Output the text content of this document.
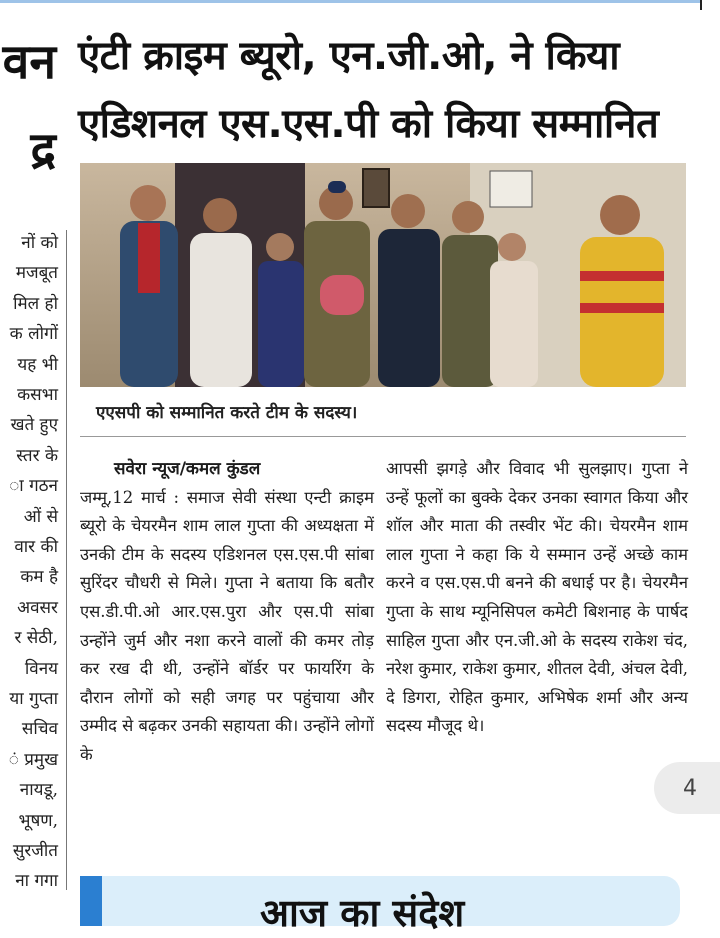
वन
द्र
नों को
मजबूत
मिल हो
क लोगों
यह भी
कसभा
खते हुए
स्तर के
ा गठन
ओं से
वार की
कम है
अवसर
र सेठी,
विनय
या गुप्ता
सचिव
ं प्रमुख
नायडू,
भूषण,
सुरजीत
ना गगा
एंटी क्राइम ब्यूरो, एन.जी.ओ, ने किया
एडिशनल एस.एस.पी को किया सम्मानित
एएसपी को सम्मानित करते टीम के सदस्य।
सवेरा न्यूज/कमल कुंडल

जम्मू,12 मार्च : समाज सेवी संस्था एन्टी क्राइम ब्यूरो के चेयरमैन शाम लाल गुप्ता की अध्यक्षता में उनकी टीम के सदस्य एडिशनल एस.एस.पी सांबा सुरिंदर चौधरी से मिले। गुप्ता ने बताया कि बतौर एस.डी.पी.ओ आर.एस.पुरा और एस.पी सांबा उन्होंने जुर्म और नशा करने वालों की कमर तोड़ कर रख दी थी, उन्होंने बॉर्डर पर फायरिंग के दौरान लोगों को सही जगह पर पहुंचाया और उम्मीद से बढ़कर उनकी सहायता की। उन्होंने लोगों के

आपसी झगड़े और विवाद भी सुलझाए। गुप्ता ने उन्हें फूलों का बुक्के देकर उनका स्वागत किया और शॉल और माता की तस्वीर भेंट की। चेयरमैन शाम लाल गुप्ता ने कहा कि ये सम्मान उन्हें अच्छे काम करने व एस.एस.पी बनने की बधाई पर है। चेयरमैन गुप्ता के साथ म्यूनिसिपल कमेटी बिशनाह के पार्षद साहिल गुप्ता और एन.जी.ओ के सदस्य राकेश चंद, नरेश कुमार, राकेश कुमार, शीतल देवी, अंचल देवी, दे डिगरा, रोहित कुमार, अभिषेक शर्मा और अन्य सदस्य मौजूद थे।

4
आज का संदेश
